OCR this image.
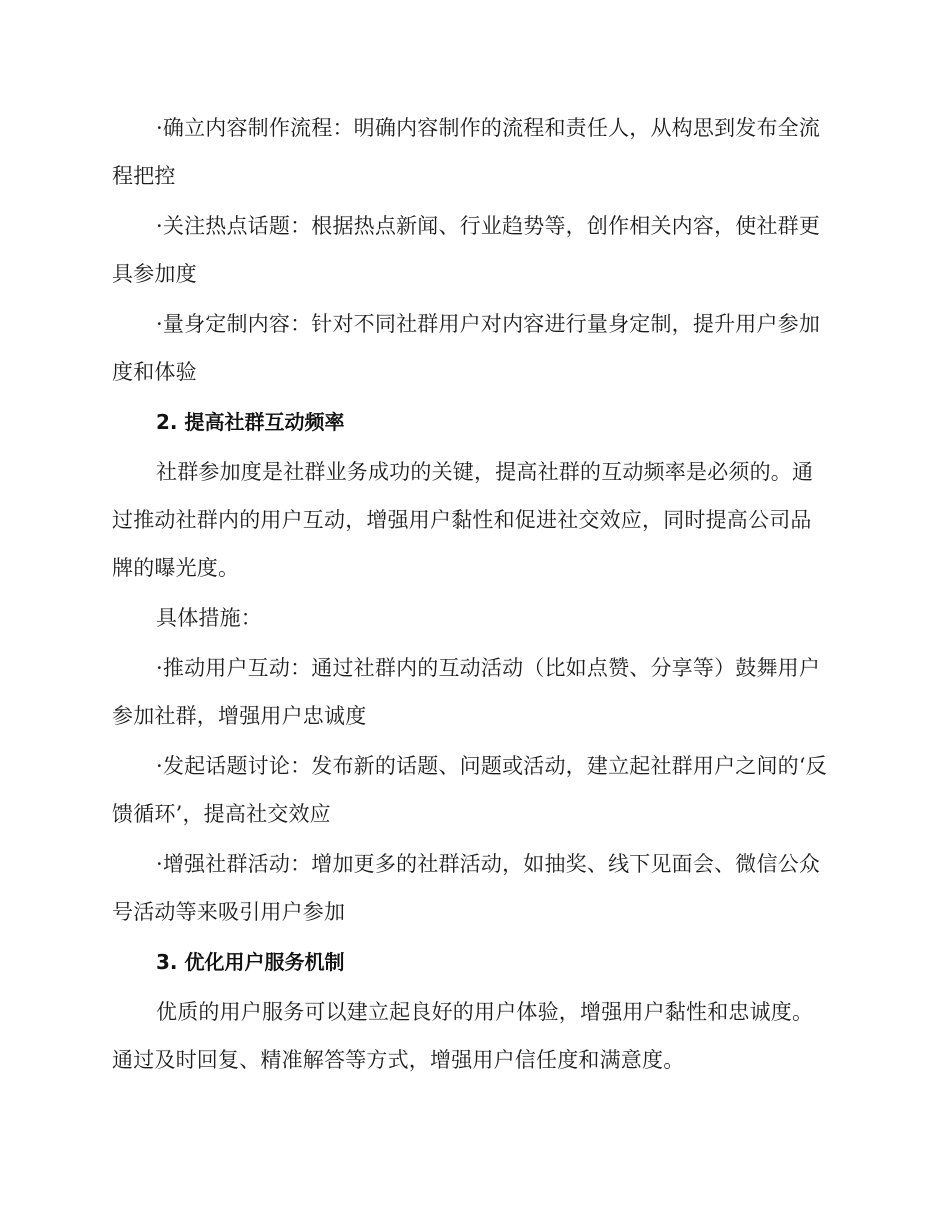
·确立内容制作流程：明确内容制作的流程和责任人，从构思到发布全流程把控

·关注热点话题：根据热点新闻、行业趋势等，创作相关内容，使社群更具参加度

·量身定制内容：针对不同社群用户对内容进行量身定制，提升用户参加度和体验

2. 提高社群互动频率

社群参加度是社群业务成功的关键，提高社群的互动频率是必须的。通过推动社群内的用户互动，增强用户黏性和促进社交效应，同时提高公司品牌的曝光度。

具体措施：

·推动用户互动：通过社群内的互动活动（比如点赞、分享等）鼓舞用户参加社群，增强用户忠诚度

·发起话题讨论：发布新的话题、问题或活动，建立起社群用户之间的‘反馈循环’，提高社交效应

·增强社群活动：增加更多的社群活动，如抽奖、线下见面会、微信公众号活动等来吸引用户参加

3. 优化用户服务机制

优质的用户服务可以建立起良好的用户体验，增强用户黏性和忠诚度。通过及时回复、精准解答等方式，增强用户信任度和满意度。
